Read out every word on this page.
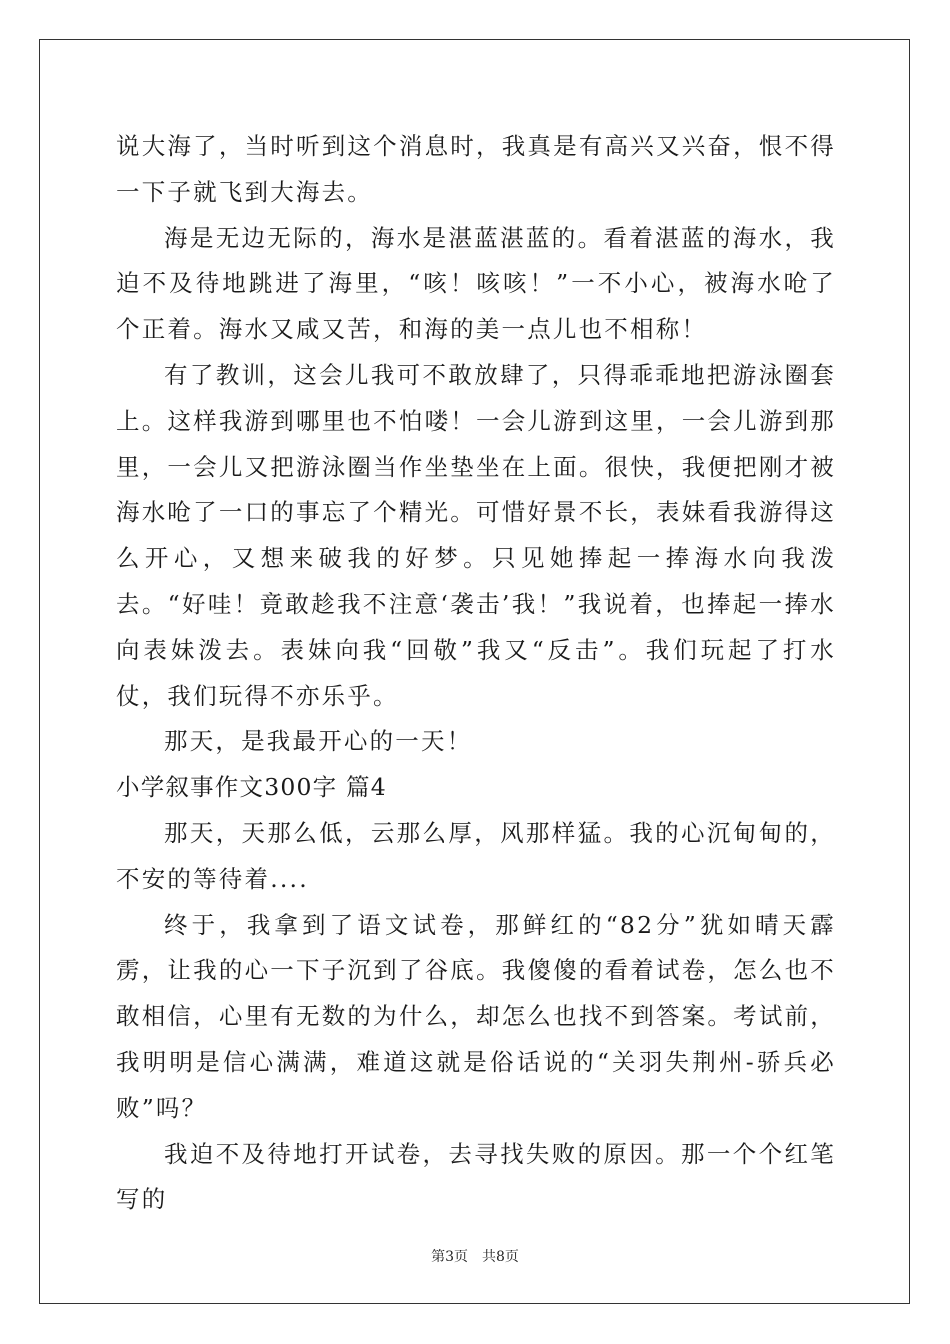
说大海了，当时听到这个消息时，我真是有高兴又兴奋，恨不得一下子就飞到大海去。

海是无边无际的，海水是湛蓝湛蓝的。看着湛蓝的海水，我迫不及待地跳进了海里，“咳！咳咳！”一不小心，被海水呛了个正着。海水又咸又苦，和海的美一点儿也不相称！

有了教训，这会儿我可不敢放肆了，只得乖乖地把游泳圈套上。这样我游到哪里也不怕喽！一会儿游到这里，一会儿游到那里，一会儿又把游泳圈当作坐垫坐在上面。很快，我便把刚才被海水呛了一口的事忘了个精光。可惜好景不长，表妹看我游得这么开心，又想来破我的好梦。只见她捧起一捧海水向我泼去。“好哇！竟敢趁我不注意‘袭击’我！”我说着，也捧起一捧水向表妹泼去。表妹向我“回敬”我又“反击”。我们玩起了打水仗，我们玩得不亦乐乎。

那天，是我最开心的一天！

小学叙事作文300字 篇4

那天，天那么低，云那么厚，风那样猛。我的心沉甸甸的，不安的等待着....

终于，我拿到了语文试卷，那鲜红的“82分”犹如晴天霹雳，让我的心一下子沉到了谷底。我傻傻的看着试卷，怎么也不敢相信，心里有无数的为什么，却怎么也找不到答案。考试前，我明明是信心满满，难道这就是俗话说的“关羽失荆州-骄兵必败”吗？

我迫不及待地打开试卷，去寻找失败的原因。那一个个红笔写的

第3页 共8页
